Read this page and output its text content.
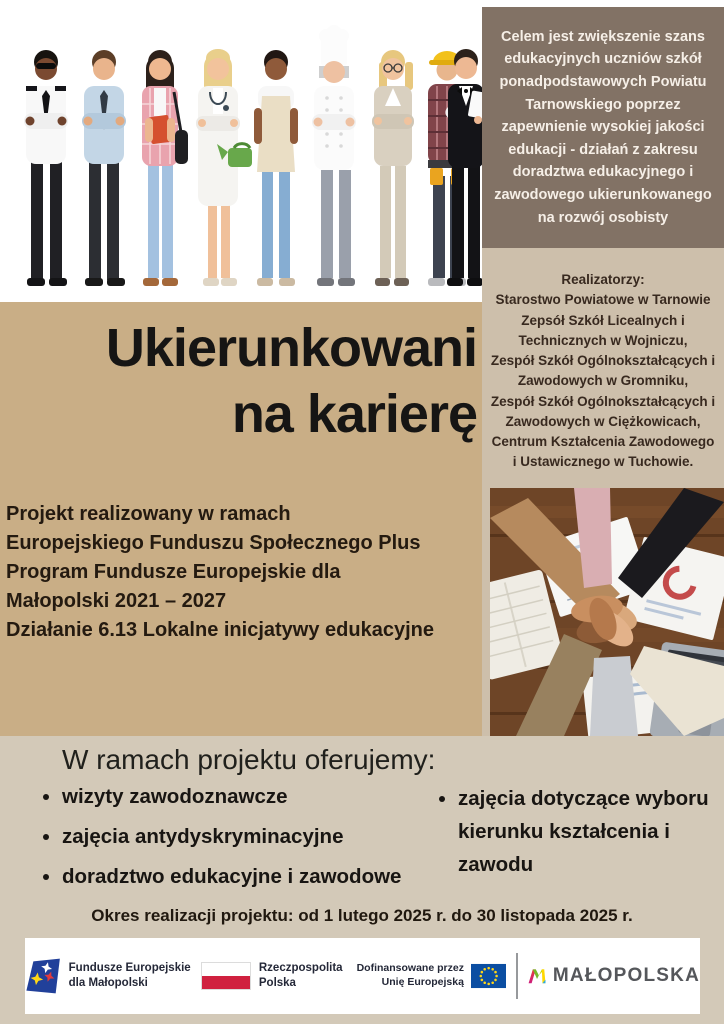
Celem jest zwiększenie szans edukacyjnych uczniów szkół ponadpodstawowych Powiatu Tarnowskiego poprzez zapewnienie wysokiej jakości edukacji - działań z zakresu doradztwa edukacyjnego i zawodowego ukierunkowanego na rozwój osobisty

Realizatorzy:
Starostwo Powiatowe w Tarnowie
Zepsół Szkół Licealnych i Technicznych w Wojniczu,
Zespół Szkół Ogólnokształcących i Zawodowych w Gromniku,
Zespół Szkół Ogólnokształcących i Zawodowych w Ciężkowicach,
Centrum Kształcenia Zawodowego i Ustawicznego w Tuchowie.
Ukierunkowani
na karierę
Projekt realizowany w ramach
Europejskiego Funduszu Społecznego Plus
Program Fundusze Europejskie dla
Małopolski 2021 – 2027
Działanie 6.13 Lokalne inicjatywy edukacyjne
W ramach projektu oferujemy:
• wizyty zawodoznawcze
• zajęcia antydyskryminacyjne
• doradztwo edukacyjne i zawodowe
• zajęcia dotyczące wyboru kierunku kształcenia i zawodu
Okres realizacji projektu: od 1 lutego 2025 r. do 30 listopada 2025 r.
Fundusze Europejskie
dla Małopolski
Rzeczpospolita
Polska
Dofinansowane przez
Unię Europejską	MAŁOPOLSKA
